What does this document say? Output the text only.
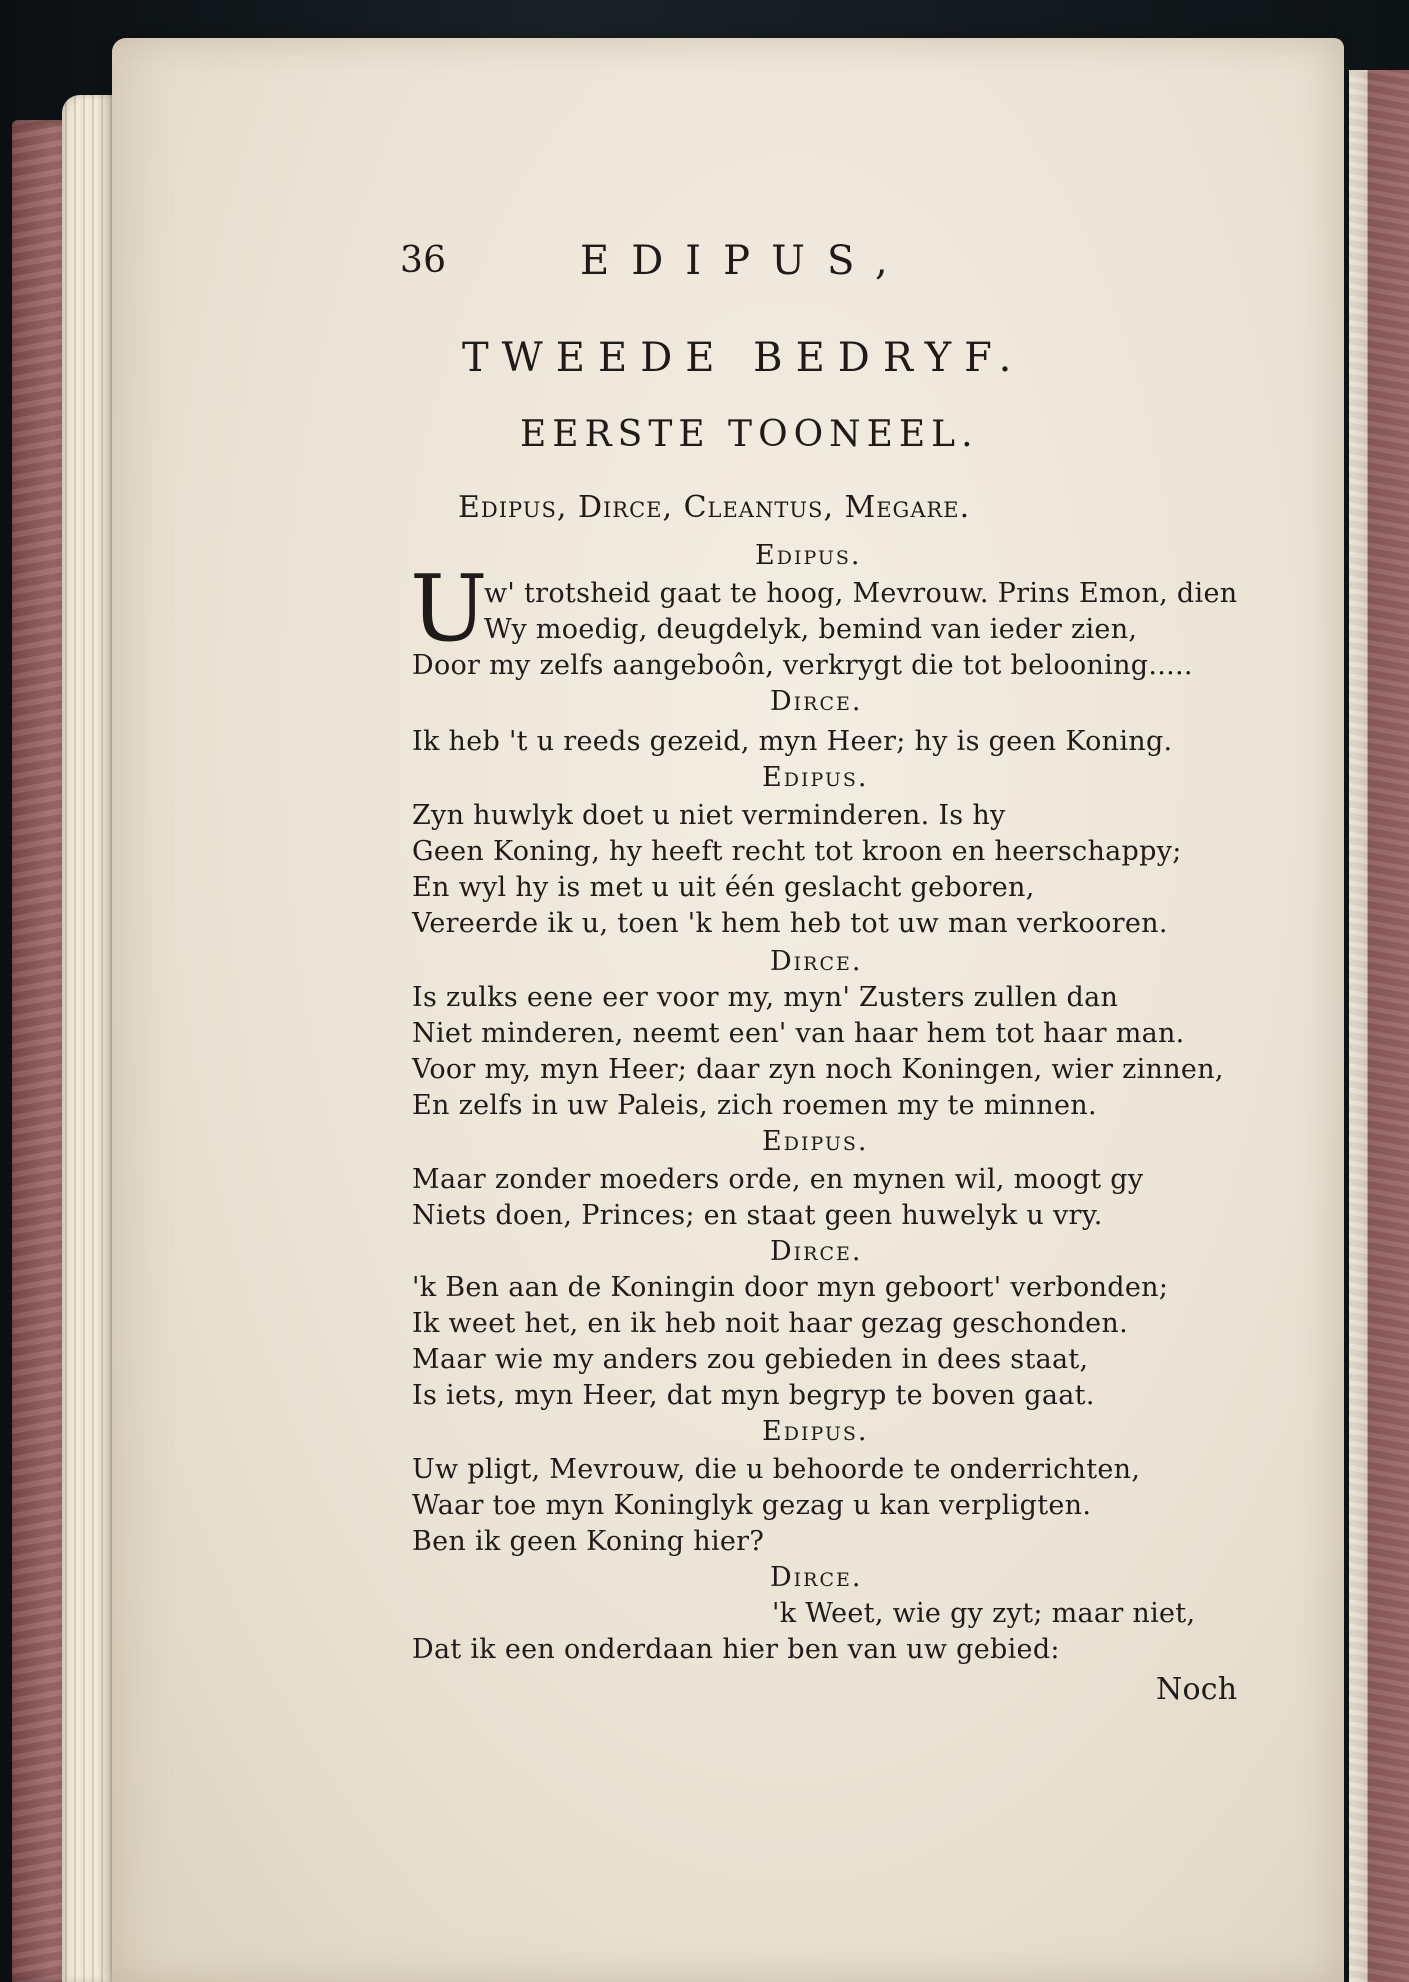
36	EDIPUS,
TWEEDE BEDRYF.
EERSTE TOONEEL.
Edipus, Dirce, Cleantus, Megare.
U	Edipus.
w' trotsheid gaat te hoog, Mevrouw. Prins Emon, dien
Wy moedig, deugdelyk, bemind van ieder zien,
Door my zelfs aangeboôn, verkrygt die tot belooning.....
Dirce.
Ik heb 't u reeds gezeid, myn Heer; hy is geen Koning.
Edipus.
Zyn huwlyk doet u niet verminderen. Is hy
Geen Koning, hy heeft recht tot kroon en heerschappy;
En wyl hy is met u uit één geslacht geboren,
Vereerde ik u, toen 'k hem heb tot uw man verkooren.
Dirce.
Is zulks eene eer voor my, myn' Zusters zullen dan
Niet minderen, neemt een' van haar hem tot haar man.
Voor my, myn Heer; daar zyn noch Koningen, wier zinnen,
En zelfs in uw Paleis, zich roemen my te minnen.
Edipus.
Maar zonder moeders orde, en mynen wil, moogt gy
Niets doen, Princes; en staat geen huwelyk u vry.
Dirce.
'k Ben aan de Koningin door myn geboort' verbonden;
Ik weet het, en ik heb noit haar gezag geschonden.
Maar wie my anders zou gebieden in dees staat,
Is iets, myn Heer, dat myn begryp te boven gaat.
Edipus.
Uw pligt, Mevrouw, die u behoorde te onderrichten,
Waar toe myn Koninglyk gezag u kan verpligten.
Ben ik geen Koning hier?
Dirce.
'k Weet, wie gy zyt; maar niet,
Dat ik een onderdaan hier ben van uw gebied:
Noch
